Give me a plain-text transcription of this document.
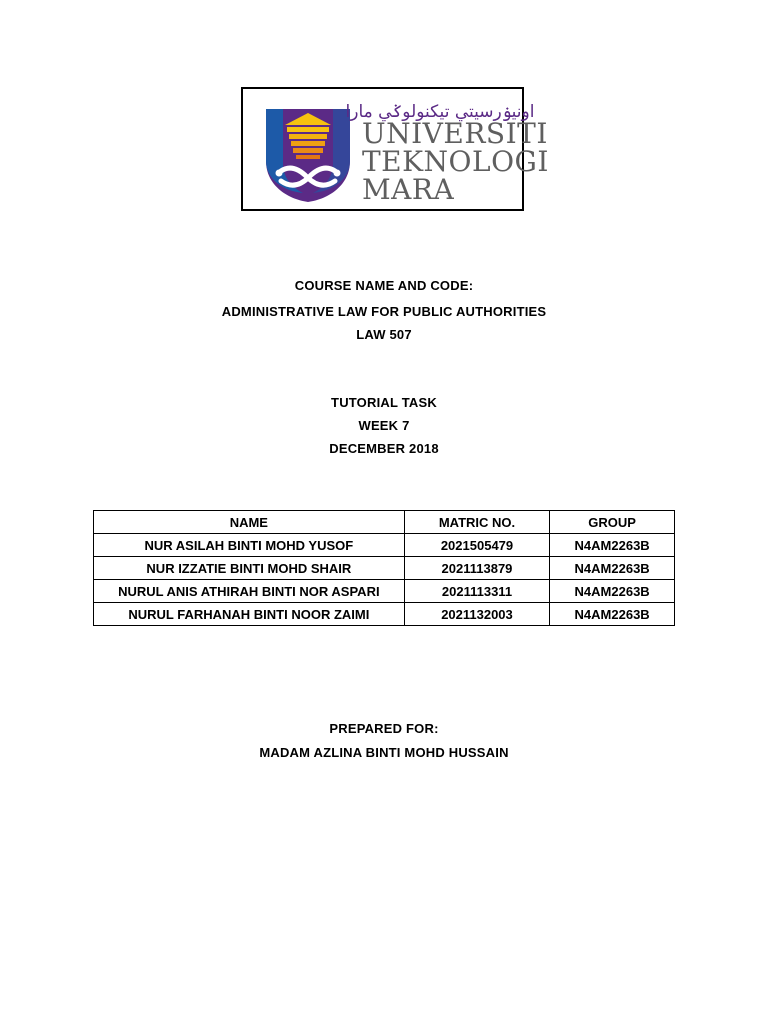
اونيۏرسيتي تيكنولوݢي مارا
UNIVERSITI
TEKNOLOGI
MARA
COURSE NAME AND CODE:
ADMINISTRATIVE LAW FOR PUBLIC AUTHORITIES
LAW 507
TUTORIAL TASK
WEEK 7
DECEMBER 2018
NAME	MATRIC NO.	GROUP
NUR ASILAH BINTI MOHD YUSOF	2021505479	N4AM2263B
NUR IZZATIE BINTI MOHD SHAIR	2021113879	N4AM2263B
NURUL ANIS ATHIRAH BINTI NOR ASPARI	2021113311	N4AM2263B
NURUL FARHANAH BINTI NOOR ZAIMI	2021132003	N4AM2263B
PREPARED FOR:
MADAM AZLINA BINTI MOHD HUSSAIN
